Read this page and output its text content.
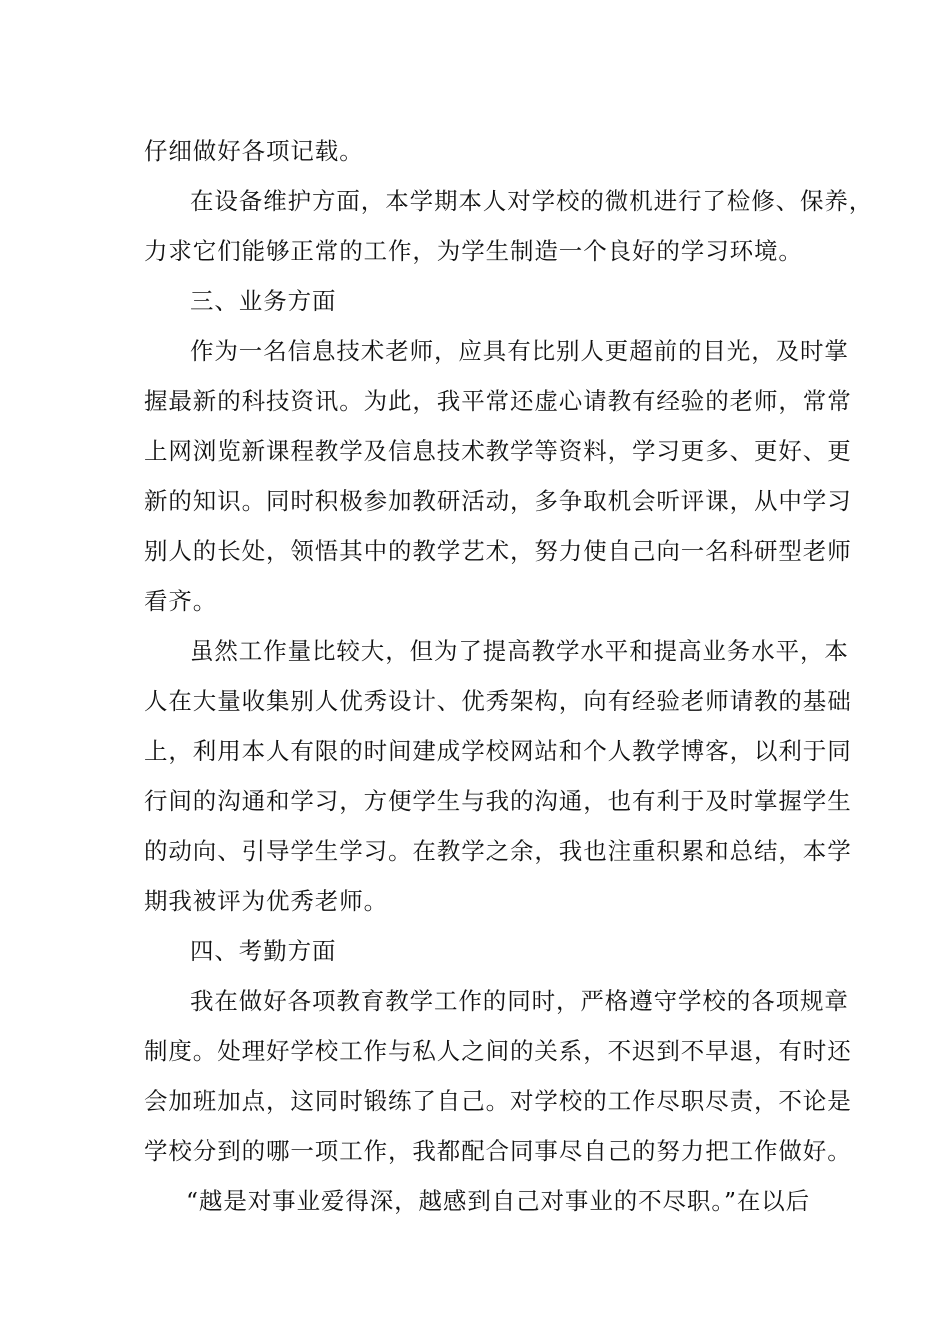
仔细做好各项记载。
在设备维护方面，本学期本人对学校的微机进行了检修、保养，
力求它们能够正常的工作，为学生制造一个良好的学习环境。
三、业务方面
作为一名信息技术老师，应具有比别人更超前的目光，及时掌
握最新的科技资讯。为此，我平常还虚心请教有经验的老师，常常
上网浏览新课程教学及信息技术教学等资料，学习更多、更好、更
新的知识。同时积极参加教研活动，多争取机会听评课，从中学习
别人的长处，领悟其中的教学艺术，努力使自己向一名科研型老师
看齐。
虽然工作量比较大，但为了提高教学水平和提高业务水平，本
人在大量收集别人优秀设计、优秀架构，向有经验老师请教的基础
上，利用本人有限的时间建成学校网站和个人教学博客，以利于同
行间的沟通和学习，方便学生与我的沟通，也有利于及时掌握学生
的动向、引导学生学习。在教学之余，我也注重积累和总结，本学
期我被评为优秀老师。
四、考勤方面
我在做好各项教育教学工作的同时，严格遵守学校的各项规章
制度。处理好学校工作与私人之间的关系，不迟到不早退，有时还
会加班加点，这同时锻练了自己。对学校的工作尽职尽责，不论是
学校分到的哪一项工作，我都配合同事尽自己的努力把工作做好。
“越是对事业爱得深，越感到自己对事业的不尽职。”在以后
